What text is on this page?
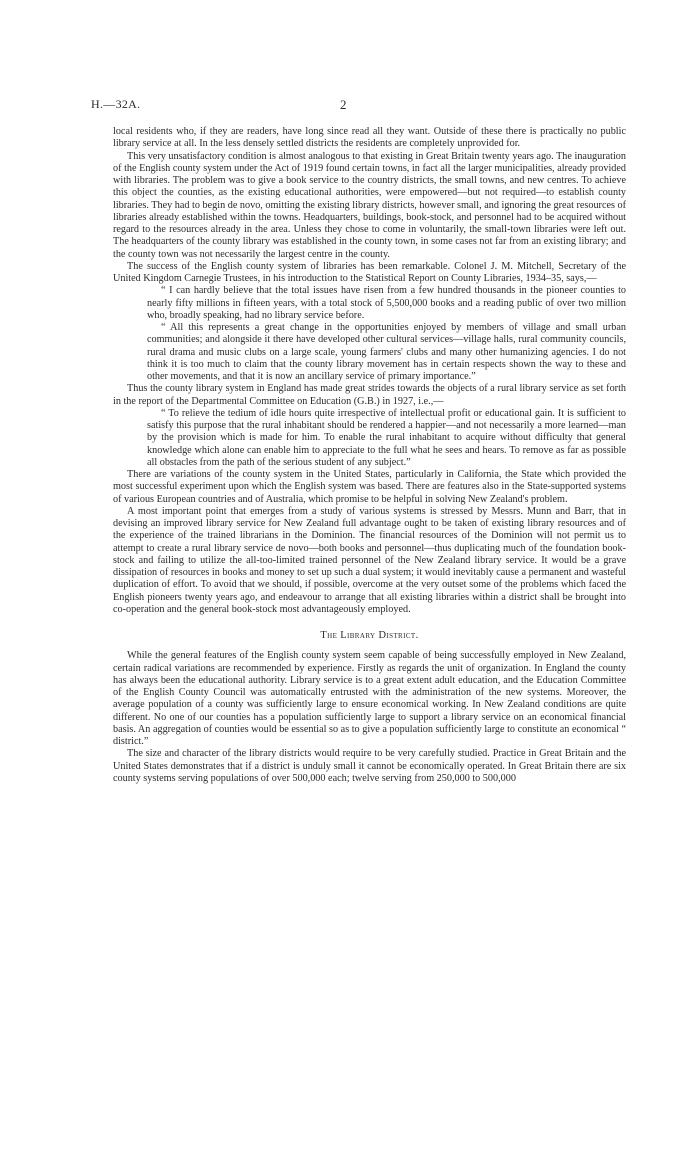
H.—32A.	2

local residents who, if they are readers, have long since read all they want. Outside of these there is practically no public library service at all. In the less densely settled districts the residents are completely unprovided for.

This very unsatisfactory condition is almost analogous to that existing in Great Britain twenty years ago. The inauguration of the English county system under the Act of 1919 found certain towns, in fact all the larger municipalities, already provided with libraries. The problem was to give a book service to the country districts, the small towns, and new centres. To achieve this object the counties, as the existing educational authorities, were empowered—but not required—to establish county libraries. They had to begin de novo, omitting the existing library districts, however small, and ignoring the great resources of libraries already established within the towns. Headquarters, buildings, book-stock, and personnel had to be acquired without regard to the resources already in the area. Unless they chose to come in voluntarily, the small-town libraries were left out. The headquarters of the county library was established in the county town, in some cases not far from an existing library; and the county town was not necessarily the largest centre in the county.

The success of the English county system of libraries has been remarkable. Colonel J. M. Mitchell, Secretary of the United Kingdom Carnegie Trustees, in his introduction to the Statistical Report on County Libraries, 1934–35, says,—

“ I can hardly believe that the total issues have risen from a few hundred thousands in the pioneer counties to nearly fifty millions in fifteen years, with a total stock of 5,500,000 books and a reading public of over two million who, broadly speaking, had no library service before.

“ All this represents a great change in the opportunities enjoyed by members of village and small urban communities; and alongside it there have developed other cultural services—village halls, rural community councils, rural drama and music clubs on a large scale, young farmers' clubs and many other humanizing agencies. I do not think it is too much to claim that the county library movement has in certain respects shown the way to these and other movements, and that it is now an ancillary service of primary importance.”

Thus the county library system in England has made great strides towards the objects of a rural library service as set forth in the report of the Departmental Committee on Education (G.B.) in 1927, i.e.,—

“ To relieve the tedium of idle hours quite irrespective of intellectual profit or educational gain. It is sufficient to satisfy this purpose that the rural inhabitant should be rendered a happier—and not necessarily a more learned—man by the provision which is made for him. To enable the rural inhabitant to acquire without difficulty that general knowledge which alone can enable him to appreciate to the full what he sees and hears. To remove as far as possible all obstacles from the path of the serious student of any subject.”

There are variations of the county system in the United States, particularly in California, the State which provided the most successful experiment upon which the English system was based. There are features also in the State-supported systems of various European countries and of Australia, which promise to be helpful in solving New Zealand's problem.

A most important point that emerges from a study of various systems is stressed by Messrs. Munn and Barr, that in devising an improved library service for New Zealand full advantage ought to be taken of existing library resources and of the experience of the trained librarians in the Dominion. The financial resources of the Dominion will not permit us to attempt to create a rural library service de novo—both books and personnel—thus duplicating much of the foundation book-stock and failing to utilize the all-too-limited trained personnel of the New Zealand library service. It would be a grave dissipation of resources in books and money to set up such a dual system; it would inevitably cause a permanent and wasteful duplication of effort. To avoid that we should, if possible, overcome at the very outset some of the problems which faced the English pioneers twenty years ago, and endeavour to arrange that all existing libraries within a district shall be brought into co-operation and the general book-stock most advantageously employed.

The Library District.

While the general features of the English county system seem capable of being successfully employed in New Zealand, certain radical variations are recommended by experience. Firstly as regards the unit of organization. In England the county has always been the educational authority. Library service is to a great extent adult education, and the Education Committee of the English County Council was automatically entrusted with the administration of the new systems. Moreover, the average population of a county was sufficiently large to ensure economical working. In New Zealand conditions are quite different. No one of our counties has a population sufficiently large to support a library service on an economical financial basis. An aggregation of counties would be essential so as to give a population sufficiently large to constitute an economical “ district.”

The size and character of the library districts would require to be very carefully studied. Practice in Great Britain and the United States demonstrates that if a district is unduly small it cannot be economically operated. In Great Britain there are six county systems serving populations of over 500,000 each; twelve serving from 250,000 to 500,000
